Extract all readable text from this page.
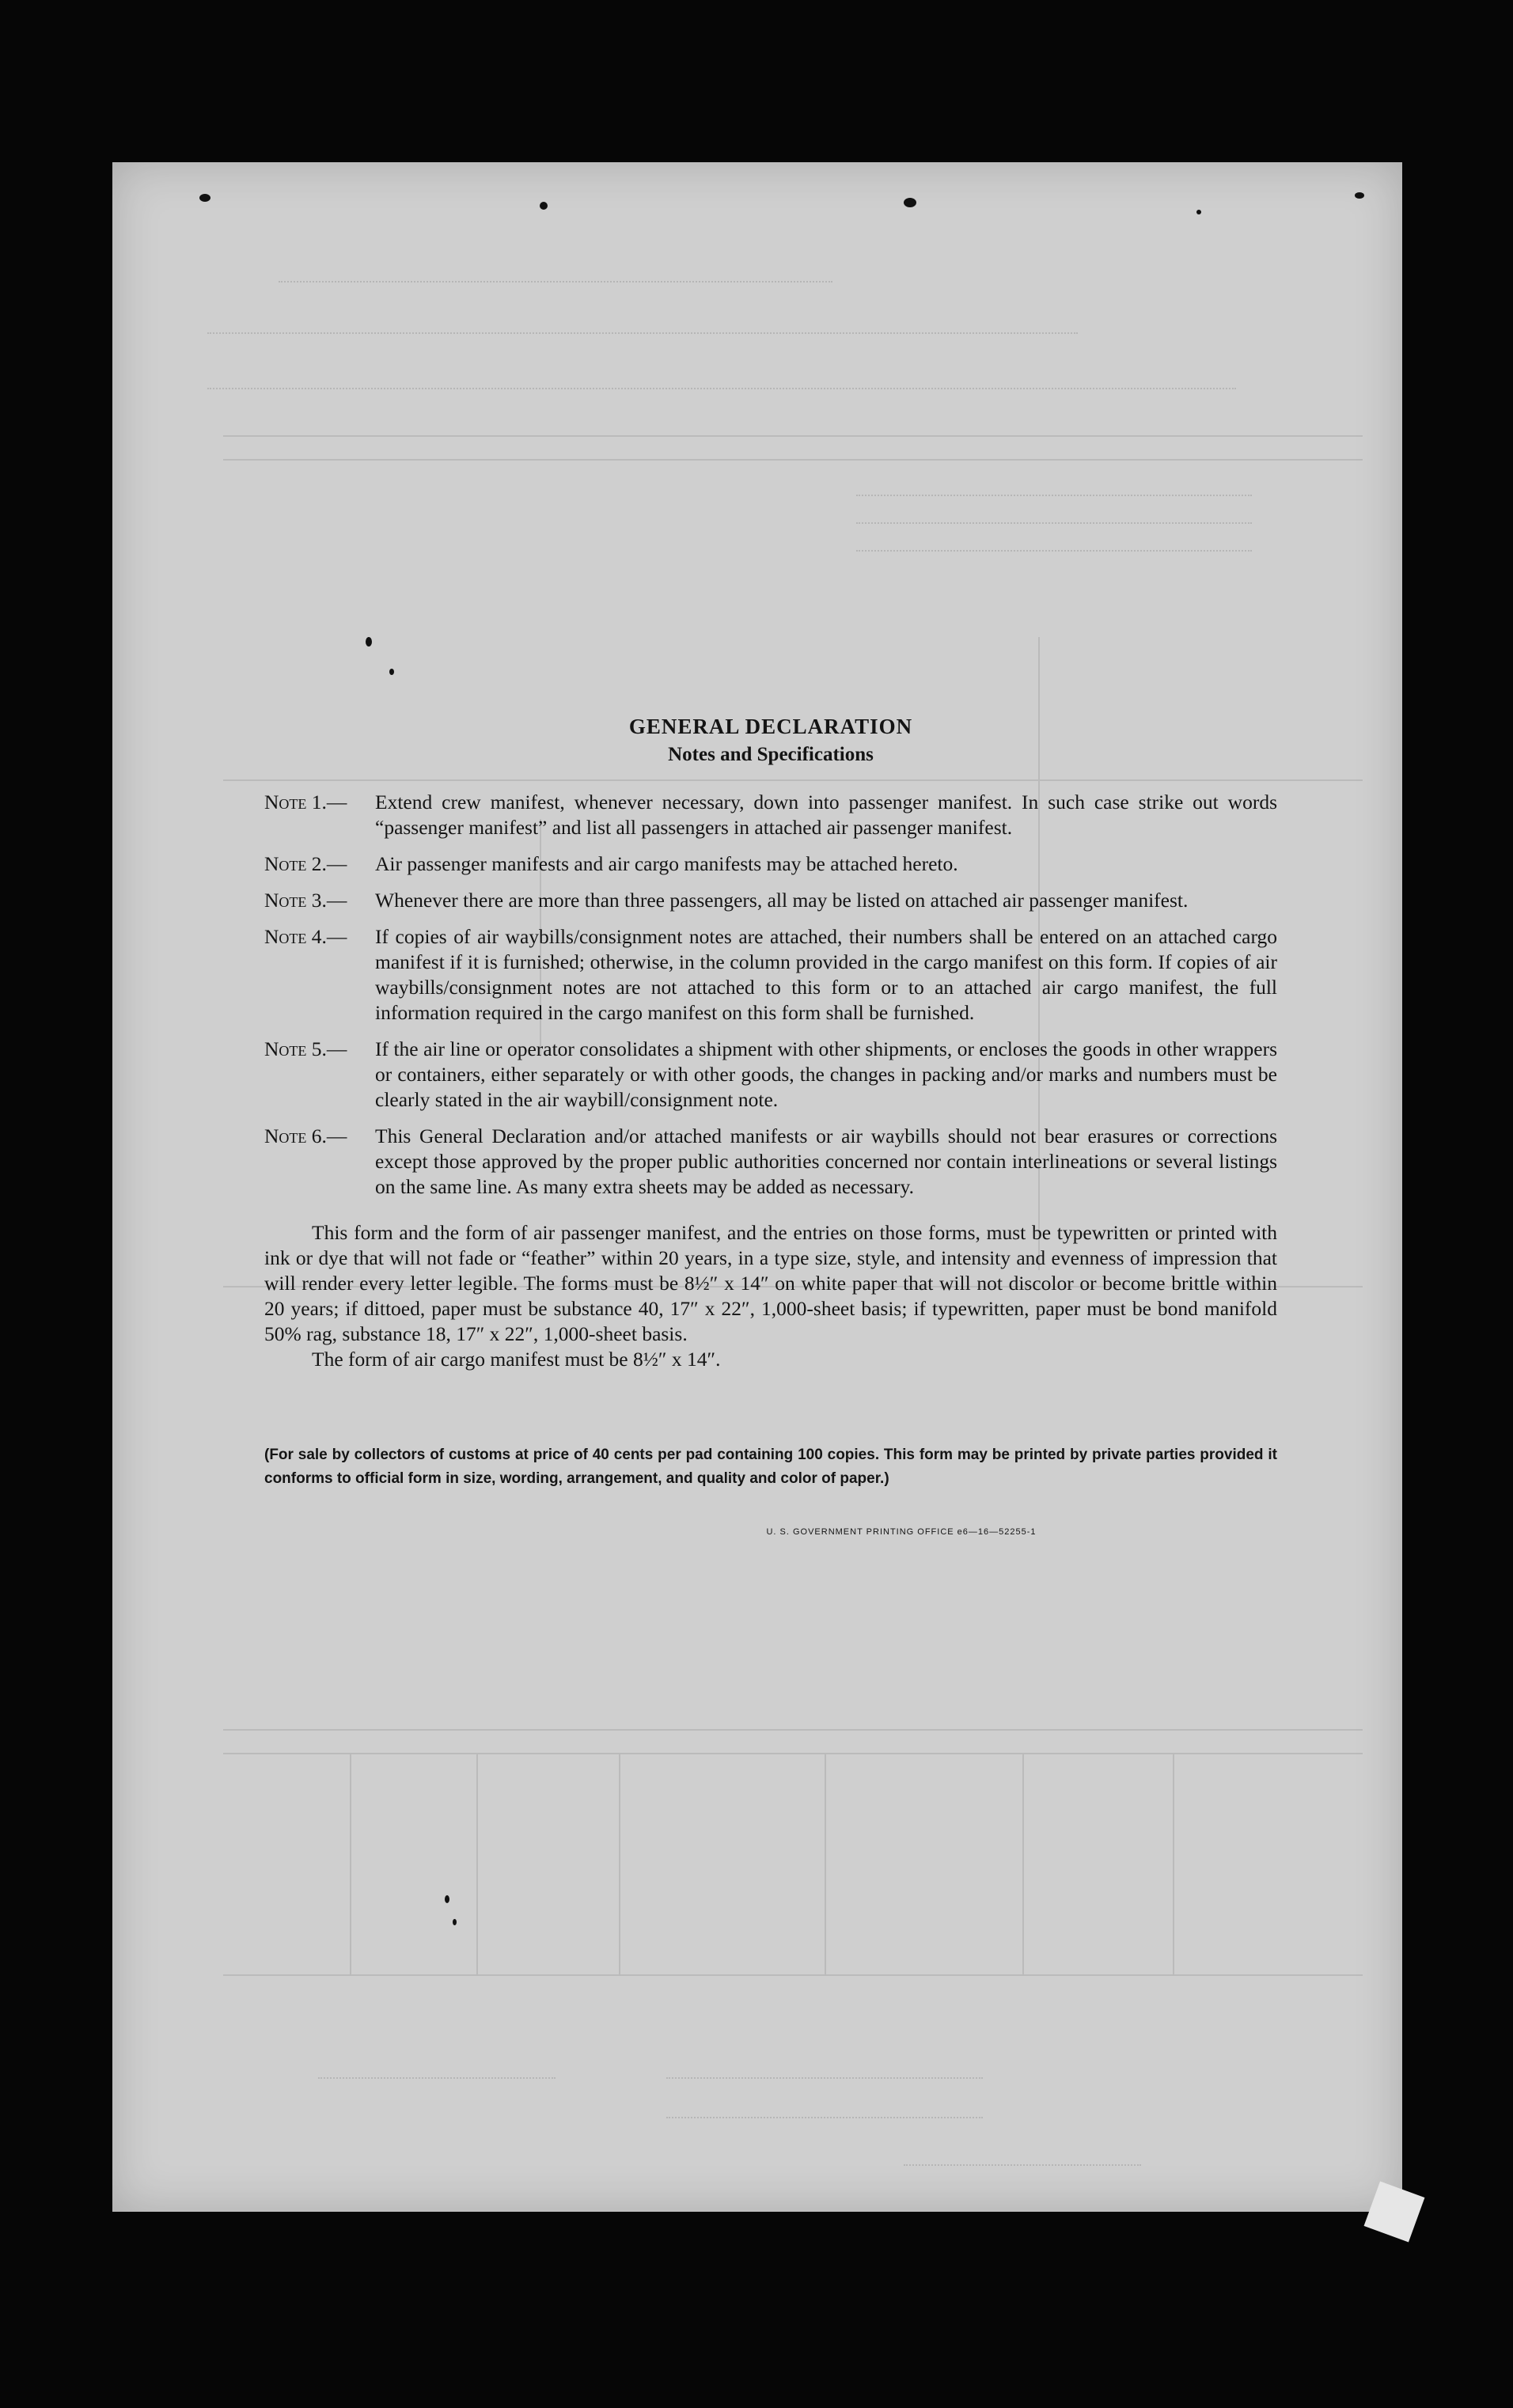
GENERAL DECLARATION
Notes and Specifications
Note 1.—	Extend crew manifest, whenever necessary, down into passenger manifest. In such case strike out words “passenger manifest” and list all passengers in attached air passenger manifest.
Note 2.—	Air passenger manifests and air cargo manifests may be attached hereto.
Note 3.—	Whenever there are more than three passengers, all may be listed on attached air passenger manifest.
Note 4.—	If copies of air waybills/consignment notes are attached, their numbers shall be entered on an attached cargo manifest if it is furnished; otherwise, in the column provided in the cargo manifest on this form. If copies of air waybills/consignment notes are not attached to this form or to an attached air cargo manifest, the full information required in the cargo manifest on this form shall be furnished.
Note 5.—	If the air line or operator consolidates a shipment with other shipments, or encloses the goods in other wrappers or containers, either separately or with other goods, the changes in packing and/or marks and numbers must be clearly stated in the air waybill/consignment note.
Note 6.—	This General Declaration and/or attached manifests or air waybills should not bear erasures or corrections except those approved by the proper public authorities concerned nor contain interlineations or several listings on the same line. As many extra sheets may be added as necessary.

This form and the form of air passenger manifest, and the entries on those forms, must be typewritten or printed with ink or dye that will not fade or “feather” within 20 years, in a type size, style, and intensity and evenness of impression that will render every letter legible. The forms must be 8½″ x 14″ on white paper that will not discolor or become brittle within 20 years; if dittoed, paper must be substance 40, 17″ x 22″, 1,000-sheet basis; if typewritten, paper must be bond manifold 50% rag, substance 18, 17″ x 22″, 1,000-sheet basis.

The form of air cargo manifest must be 8½″ x 14″.

(For sale by collectors of customs at price of 40 cents per pad containing 100 copies. This form may be printed by private parties provided it conforms to official form in size, wording, arrangement, and quality and color of paper.)

U. S. GOVERNMENT PRINTING OFFICE e6—16—52255-1
